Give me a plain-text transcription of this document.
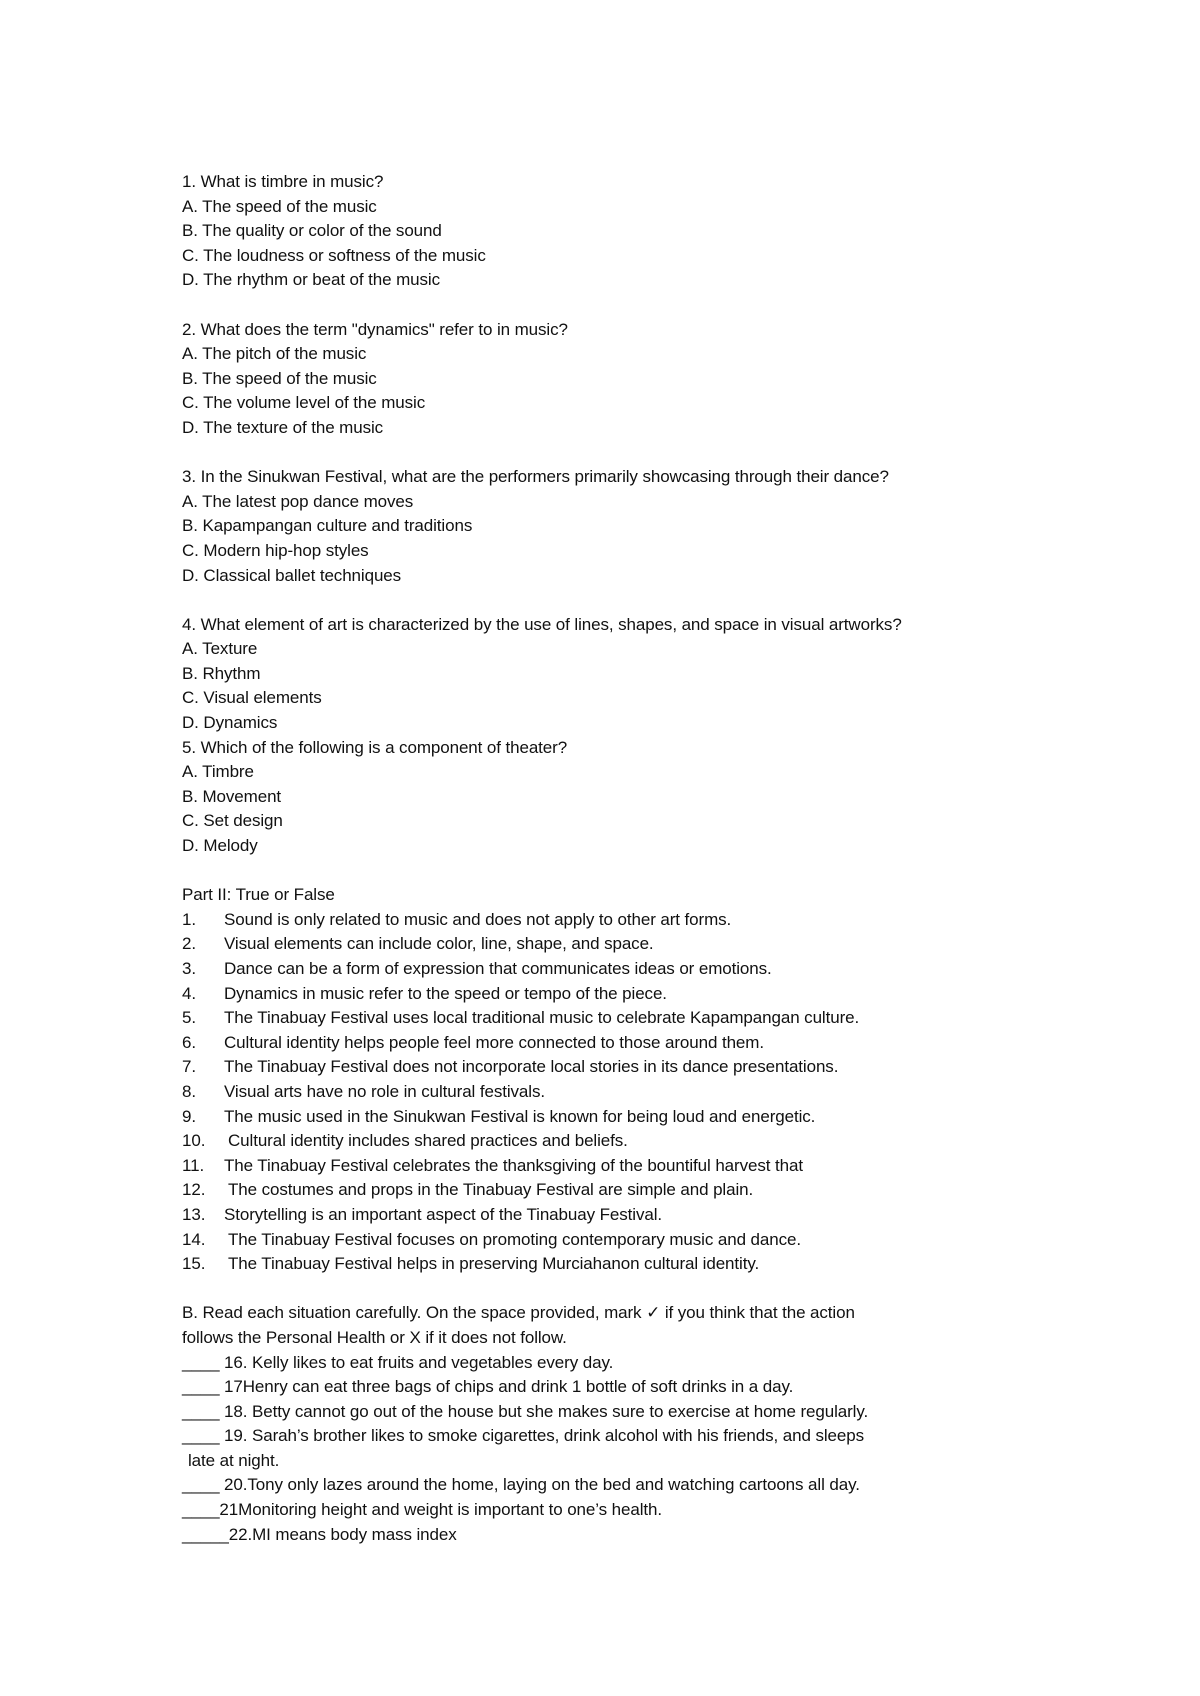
1. What is timbre in music?
A. The speed of the music
B. The quality or color of the sound
C. The loudness or softness of the music
D. The rhythm or beat of the music
2. What does the term "dynamics" refer to in music?
A. The pitch of the music
B. The speed of the music
C. The volume level of the music
D. The texture of the music
3. In the Sinukwan Festival, what are the performers primarily showcasing through their dance?
A. The latest pop dance moves
B. Kapampangan culture and traditions
C. Modern hip-hop styles
D. Classical ballet techniques
4. What element of art is characterized by the use of lines, shapes, and space in visual artworks?
A. Texture
B. Rhythm
C. Visual elements
D. Dynamics
5. Which of the following is a component of theater?
A. Timbre
B. Movement
C. Set design
D. Melody
Part II: True or False
1.	Sound is only related to music and does not apply to other art forms.
2.	Visual elements can include color, line, shape, and space.
3.	Dance can be a form of expression that communicates ideas or emotions.
4.	Dynamics in music refer to the speed or tempo of the piece.
5.	The Tinabuay Festival uses local traditional music to celebrate Kapampangan culture.
6.	Cultural identity helps people feel more connected to those around them.
7.	The Tinabuay Festival does not incorporate local stories in its dance presentations.
8.	Visual arts have no role in cultural festivals.
9.	The music used in the Sinukwan Festival is known for being loud and energetic.
10.	Cultural identity includes shared practices and beliefs.
11.	The Tinabuay Festival celebrates the thanksgiving of the bountiful harvest that
12.	The costumes and props in the Tinabuay Festival are simple and plain.
13.	Storytelling is an important aspect of the Tinabuay Festival.
14.	The Tinabuay Festival focuses on promoting contemporary music and dance.
15.	The Tinabuay Festival helps in preserving Murciahanon cultural identity.
B. Read each situation carefully. On the space provided, mark ✓ if you think that the action
follows the Personal Health or X if it does not follow.
____ 16. Kelly likes to eat fruits and vegetables every day.
____ 17Henry can eat three bags of chips and drink 1 bottle of soft drinks in a day.
____ 18. Betty cannot go out of the house but she makes sure to exercise at home regularly.
____ 19. Sarah’s brother likes to smoke cigarettes, drink alcohol with his friends, and sleeps
late at night.
____ 20.Tony only lazes around the home, laying on the bed and watching cartoons all day.
____21Monitoring height and weight is important to one’s health.
_____22.MI means body mass index
